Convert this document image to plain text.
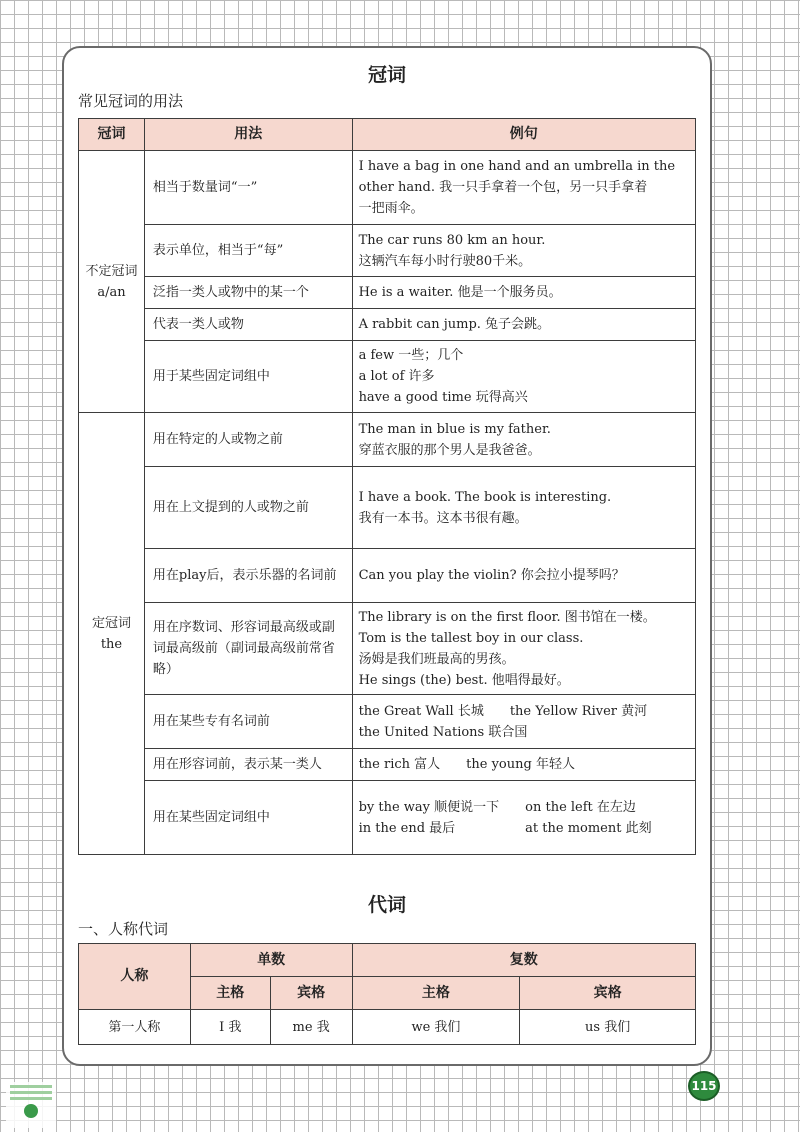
冠词
常见冠词的用法
冠词	用法	例句
不定冠词 a/an	相当于数量词“一”	I have a bag in one hand and an umbrella in the
other hand. 我一只手拿着一个包，另一只手拿着
一把雨伞。

	表示单位，相当于“每”	The car runs 80 km an hour.
这辆汽车每小时行驶80千米。

	泛指一类人或物中的某一个	He is a waiter. 他是一个服务员。

	代表一类人或物	A rabbit can jump. 兔子会跳。

	用于某些固定词组中	a few 一些；几个
a lot of 许多
have a good time 玩得高兴

定冠词 the	用在特定的人或物之前	The man in blue is my father.
穿蓝衣服的那个男人是我爸爸。

	用在上文提到的人或物之前	I have a book. The book is interesting.
我有一本书。这本书很有趣。

	用在play后，表示乐器的名词前	Can you play the violin? 你会拉小提琴吗？

	用在序数词、形容词最高级或副词最高级前（副词最高级前常省略）	The library is on the first floor. 图书馆在一楼。
Tom is the tallest boy in our class.
汤姆是我们班最高的男孩。
He sings (the) best. 他唱得最好。

	用在某些专有名词前	the Great Wall 长城 the Yellow River 黄河
the United Nations 联合国

	用在形容词前，表示某一类人	the rich 富人 the young 年轻人

	用在某些固定词组中	by the way 顺便说一下 on the left 在左边
in the end 最后 at the moment 此刻
代词
一、人称代词
人称	单数		复数	
	主格	宾格	主格	宾格
第一人称	I 我	me 我	we 我们	us 我们
115
